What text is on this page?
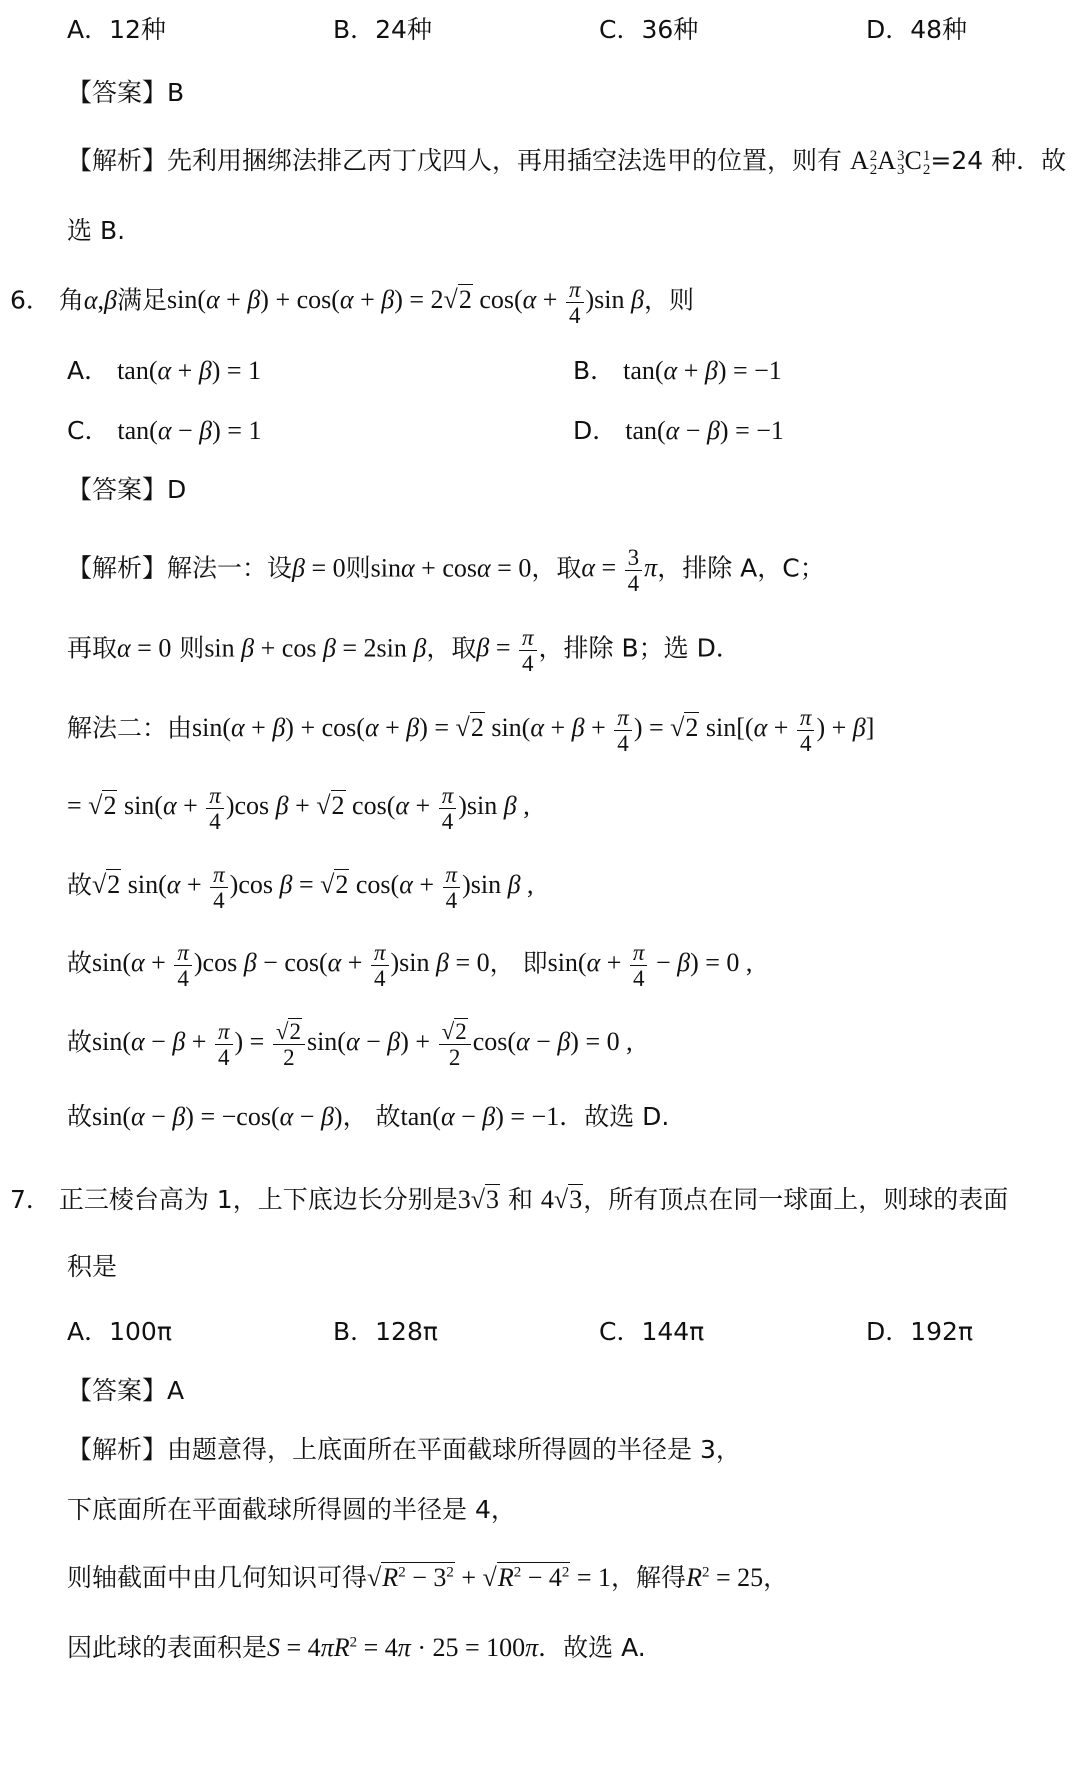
A．12种	B．24种	C．36种	D．48种
【答案】B
【解析】先利用捆绑法排乙丙丁戊四人，再用插空法选甲的位置，则有 A 2
2 A 3
3 C 1
2 =24 种．故
选 B.
6． 角α,β满足sin(α + β) + cos(α + β) = 2√2 $\cos(\alpha + \frac{\pi}{4} )\sin$ β，则
A． tan(α + β) = 1	B． tan(α + β) = −1
C． tan(α − β) = 1	D． tan(α − β) = −1
【答案】D
【解析】解法一：设β = 0则sinα + cosα = 0，取$\alpha = \frac{3}{4}$ π，排除 A，C；
再取α = 0 则sin β + cos β = 2sin β，取$\beta = \frac{\pi}{4}$ ，排除 B；选 D．
解法二：由sin(α + β) + cos(α + β) = √2 $\sin(\alpha + \beta + \frac{\pi}{4}$ ) = √2 $\sin[(\alpha + \frac{\pi}{4}$ ) + β]
= √2 $\sin(\alpha + \frac{\pi}{4} )\cos$ β + √2 $\cos(\alpha + \frac{\pi}{4} )\sin$ β ,
故√2 $\sin(\alpha + \frac{\pi}{4} )\cos$ β = √2 $\cos(\alpha + \frac{\pi}{4} )\sin$ β ,
故$\sin(\alpha + \frac{\pi}{4} )\cos$ $\beta - \cos(\alpha + \frac{\pi}{4} )\sin$ β = 0， 即$\sin(\alpha + \frac{\pi}{4} - \beta) = 0$ ,
故$\sin(\alpha - \beta + \frac{\pi}{4}$ ) = $\frac{√2}{2} \sin(\alpha - \beta) + \frac{√2}{2} \cos(\alpha - \beta) = 0$ ,
故sin(α − β) = −cos(α − β)， 故tan(α − β) = −1．故选 D.
7． 正三棱台高为 1，上下底边长分别是3√3 和 4√3，所有顶点在同一球面上，则球的表面
积是
A．100π	B．128π	C．144π	D．192π
【答案】A
【解析】由题意得，上底面所在平面截球所得圆的半径是 3，
下底面所在平面截球所得圆的半径是 4，
则轴截面中由几何知识可得$√R^2 - 3^2 + √R^2 - 4^2 = 1$，解得$R^2 = 25$，
因此球的表面积是$S = 4\pi R^2 = 4\pi \cdot 25 = 100\pi$．故选 A.
